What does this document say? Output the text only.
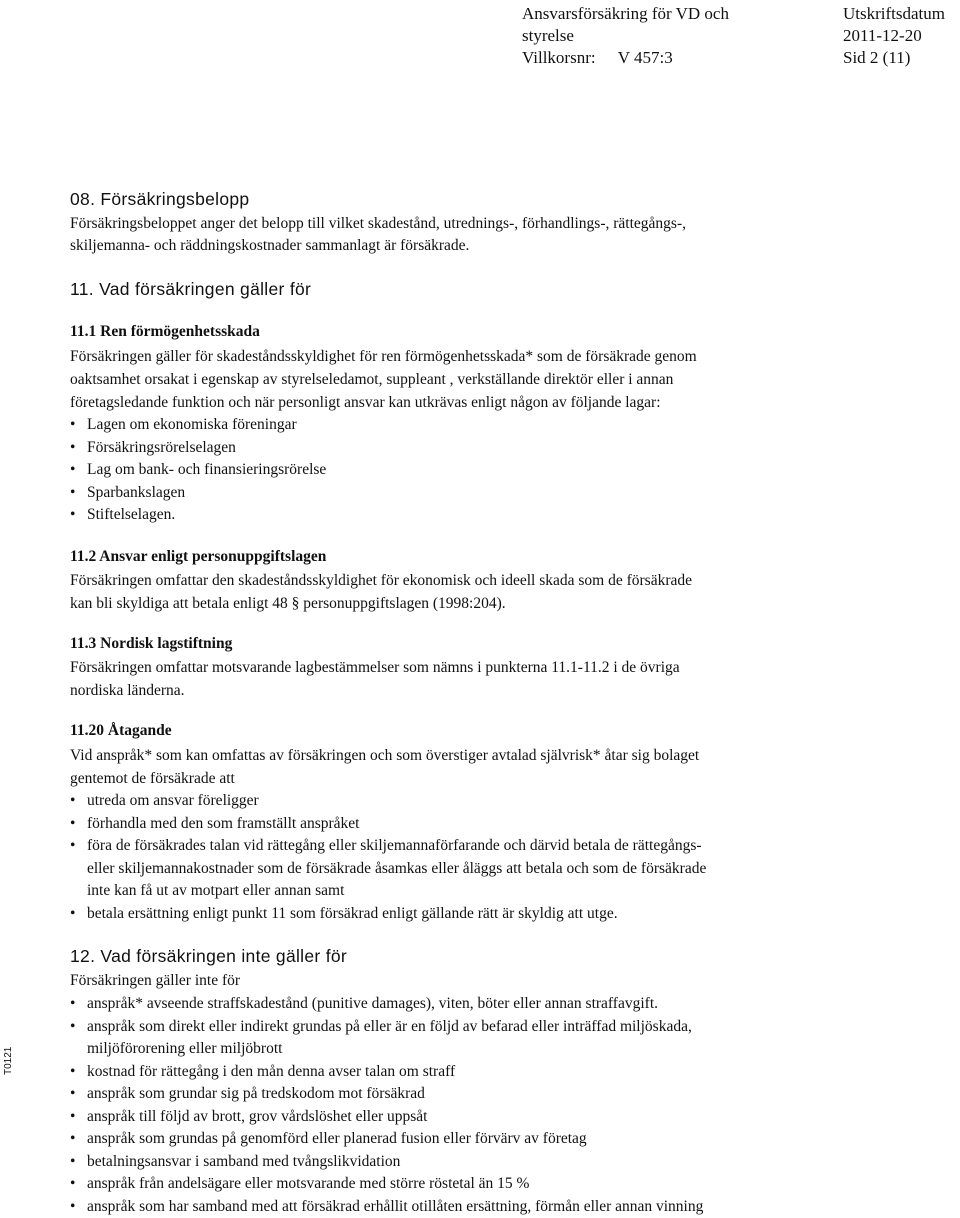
Ansvarsförsäkring för VD och
styrelse
Villkorsnr: V 457:3
Utskriftsdatum
2011-12-20
Sid 2 (11)
T0121
08. Försäkringsbelopp
Försäkringsbeloppet anger det belopp till vilket skadestånd, utrednings-, förhandlings-, rättegångs-,
skiljemanna- och räddningskostnader sammanlagt är försäkrade.
11. Vad försäkringen gäller för
11.1 Ren förmögenhetsskada
Försäkringen gäller för skadeståndsskyldighet för ren förmögenhetsskada* som de försäkrade genom
oaktsamhet orsakat i egenskap av styrelseledamot, suppleant , verkställande direktör eller i annan
företagsledande funktion och när personligt ansvar kan utkrävas enligt någon av följande lagar:
• Lagen om ekonomiska föreningar
• Försäkringsrörelselagen
• Lag om bank- och finansieringsrörelse
• Sparbankslagen
• Stiftelselagen.
11.2 Ansvar enligt personuppgiftslagen
Försäkringen omfattar den skadeståndsskyldighet för ekonomisk och ideell skada som de försäkrade
kan bli skyldiga att betala enligt 48 § personuppgiftslagen (1998:204).
11.3 Nordisk lagstiftning
Försäkringen omfattar motsvarande lagbestämmelser som nämns i punkterna 11.1-11.2 i de övriga
nordiska länderna.
11.20 Åtagande
Vid anspråk* som kan omfattas av försäkringen och som överstiger avtalad självrisk* åtar sig bolaget
gentemot de försäkrade att
• utreda om ansvar föreligger
• förhandla med den som framställt anspråket
• föra de försäkrades talan vid rättegång eller skiljemannaförfarande och därvid betala de rättegångs-
eller skiljemannakostnader som de försäkrade åsamkas eller åläggs att betala och som de försäkrade
inte kan få ut av motpart eller annan samt
• betala ersättning enligt punkt 11 som försäkrad enligt gällande rätt är skyldig att utge.
12. Vad försäkringen inte gäller för
Försäkringen gäller inte för
• anspråk* avseende straffskadestånd (punitive damages), viten, böter eller annan straffavgift.
• anspråk som direkt eller indirekt grundas på eller är en följd av befarad eller inträffad miljöskada,
miljöförorening eller miljöbrott
• kostnad för rättegång i den mån denna avser talan om straff
• anspråk som grundar sig på tredskodom mot försäkrad
• anspråk till följd av brott, grov vårdslöshet eller uppsåt
• anspråk som grundas på genomförd eller planerad fusion eller förvärv av företag
• betalningsansvar i samband med tvångslikvidation
• anspråk från andelsägare eller motsvarande med större röstetal än 15 %
• anspråk som har samband med att försäkrad erhållit otillåten ersättning, förmån eller annan vinning
